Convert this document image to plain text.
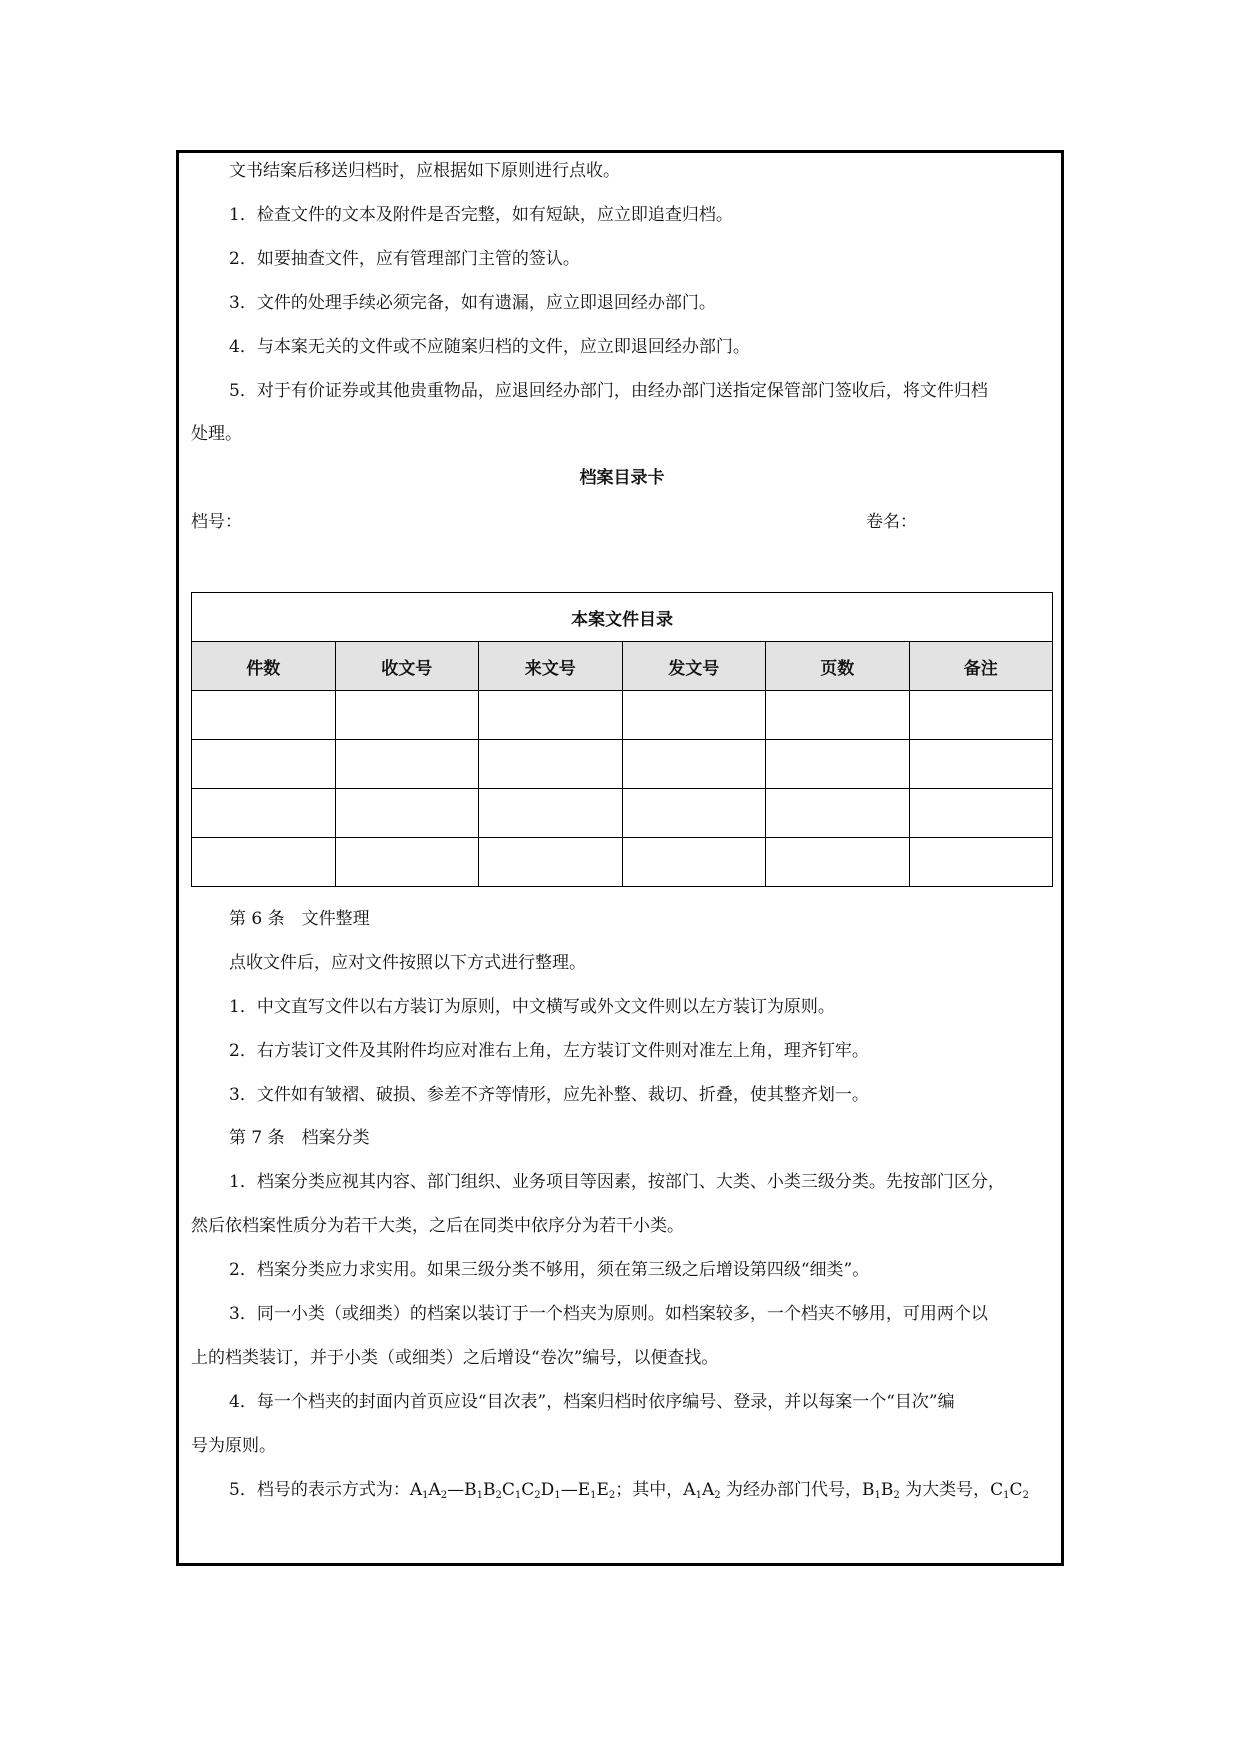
文书结案后移送归档时，应根据如下原则进行点收。
1．检查文件的文本及附件是否完整，如有短缺，应立即追查归档。
2．如要抽查文件，应有管理部门主管的签认。
3．文件的处理手续必须完备，如有遗漏，应立即退回经办部门。
4．与本案无关的文件或不应随案归档的文件，应立即退回经办部门。
5．对于有价证券或其他贵重物品，应退回经办部门，由经办部门送指定保管部门签收后，将文件归档
处理。
档案目录卡
档号：	卷名：
本案文件目录					
件数	收文号	来文号	发文号	页数	备注

第 6 条　文件整理
点收文件后，应对文件按照以下方式进行整理。
1．中文直写文件以右方装订为原则，中文横写或外文文件则以左方装订为原则。
2．右方装订文件及其附件均应对准右上角，左方装订文件则对准左上角，理齐钉牢。
3．文件如有皱褶、破损、参差不齐等情形，应先补整、裁切、折叠，使其整齐划一。
第 7 条　档案分类
1．档案分类应视其内容、部门组织、业务项目等因素，按部门、大类、小类三级分类。先按部门区分，
然后依档案性质分为若干大类，之后在同类中依序分为若干小类。
2．档案分类应力求实用。如果三级分类不够用，须在第三级之后增设第四级“细类”。
3．同一小类（或细类）的档案以装订于一个档夹为原则。如档案较多，一个档夹不够用，可用两个以
上的档类装订，并于小类（或细类）之后增设“卷次”编号，以便查找。
4．每一个档夹的封面内首页应设“目次表”，档案归档时依序编号、登录，并以每案一个“目次”编
号为原则。
5．档号的表示方式为：$A_1A_2—B_1B_2C_1C_2D_1—E_1E_2$；其中，$A_1A_2$ 为经办部门代号，$B_1B_2$ 为大类号，$C_1C_2$
